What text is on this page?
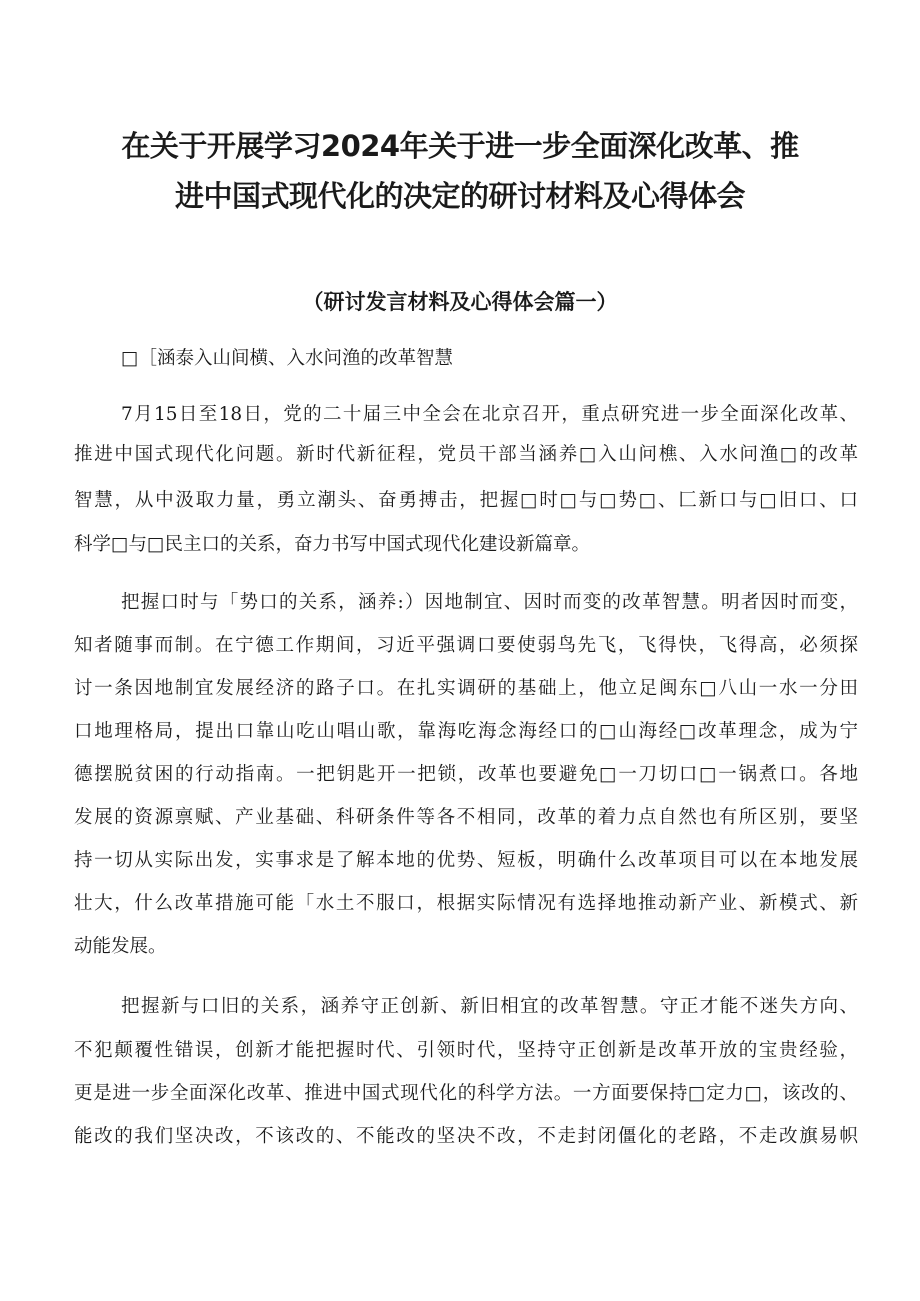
在关于开展学习2024年关于进一步全面深化改革、推
进中国式现代化的决定的研讨材料及心得体会
（研讨发言材料及心得体会篇一）

□［涵泰入山间横、入水问渔的改革智慧

7月15日至18日，党的二十届三中全会在北京召开，重点研究进一步全面深化改革、

推进中国式现代化问题。新时代新征程，党员干部当涵养□入山问樵、入水问渔□的改革

智慧，从中汲取力量，勇立潮头、奋勇搏击，把握□时□与□势□、匚新口与□旧口、口

科学□与□民主口的关系，奋力书写中国式现代化建设新篇章。

把握口时与「势口的关系，涵养:）因地制宜、因时而变的改革智慧。明者因时而变，

知者随事而制。在宁德工作期间，习近平强调口要使弱鸟先飞，飞得快，飞得高，必须探

讨一条因地制宜发展经济的路子口。在扎实调研的基础上，他立足闽东□八山一水一分田

口地理格局，提出口靠山吃山唱山歌，靠海吃海念海经口的□山海经□改革理念，成为宁

德摆脱贫困的行动指南。一把钥匙开一把锁，改革也要避免□一刀切口□一锅煮口。各地

发展的资源禀赋、产业基础、科研条件等各不相同，改革的着力点自然也有所区别，要坚

持一切从实际出发，实事求是了解本地的优势、短板，明确什么改革项目可以在本地发展

壮大，什么改革措施可能「水土不服口，根据实际情况有选择地推动新产业、新模式、新

动能发展。

把握新与口旧的关系，涵养守正创新、新旧相宜的改革智慧。守正才能不迷失方向、

不犯颠覆性错误，创新才能把握时代、引领时代，坚持守正创新是改革开放的宝贵经验，

更是进一步全面深化改革、推进中国式现代化的科学方法。一方面要保持□定力□，该改的、

能改的我们坚决改，不该改的、不能改的坚决不改，不走封闭僵化的老路，不走改旗易帜
